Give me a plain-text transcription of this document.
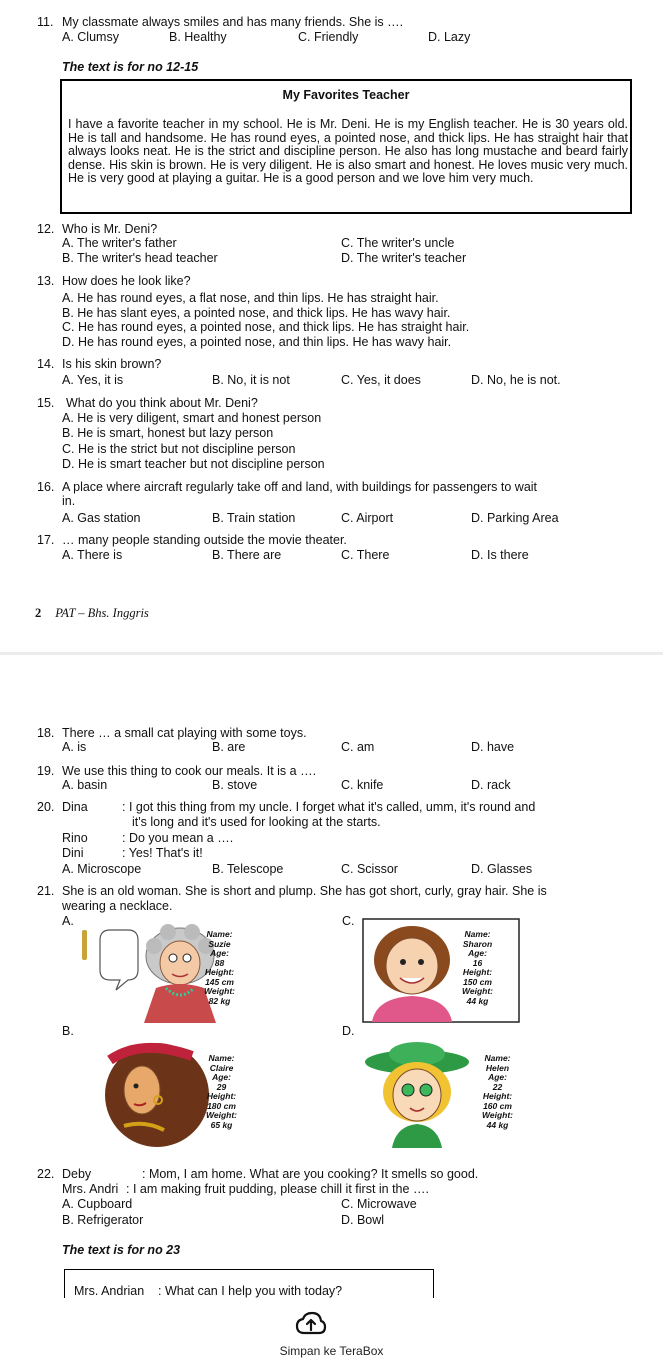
11. My classmate always smiles and has many friends. She is ….
A. Clumsy	B. Healthy	C. Friendly	D. Lazy
The text is for no 12-15
My Favorites Teacher
I have a favorite teacher in my school. He is Mr. Deni. He is my English teacher. He is 30 years old. He is tall and handsome. He has round eyes, a pointed nose, and thick lips. He has straight hair that always looks neat. He is the strict and discipline person. He also has long mustache and beard fairly dense. His skin is brown. He is very diligent. He is also smart and honest. He loves music very much. He is very good at playing a guitar. He is a good person and we love him very much.
12. Who is Mr. Deni?
A. The writer's father	C. The writer's uncle
B. The writer's head teacher	D. The writer's teacher
13. How does he look like?
A. He has round eyes, a flat nose, and thin lips. He has straight hair.
B. He has slant eyes, a pointed nose, and thick lips. He has wavy hair.
C. He has round eyes, a pointed nose, and thick lips. He has straight hair.
D. He has round eyes, a pointed nose, and thin lips. He has wavy hair.
14. Is his skin brown?
A. Yes, it is	B. No, it is not	C. Yes, it does	D. No, he is not.
15. What do you think about Mr. Deni?
A. He is very diligent, smart and honest person
B. He is smart, honest but lazy person
C. He is the strict but not discipline person
D. He is smart teacher but not discipline person
16. A place where aircraft regularly take off and land, with buildings for passengers to wait
in.
A. Gas station	B. Train station	C. Airport	D. Parking Area
17. … many people standing outside the movie theater.
A. There is	B. There are	C. There	D. Is there
2 PAT – Bhs. Inggris
18. There … a small cat playing with some toys.
A. is	B. are	C. am	D. have
19. We use this thing to cook our meals. It is a ….
A. basin	B. stove	C. knife	D. rack
20. Dina	: I got this thing from my uncle. I forget what it's called, umm, it's round and
it's long and it's used for looking at the starts.
Rino	: Do you mean a ….
Dini	: Yes! That's it!
A. Microscope	B. Telescope	C. Scissor	D. Glasses
21. She is an old woman. She is short and plump. She has got short, curly, gray hair. She is
wearing a necklace.
A.	C.
B.	D.
Name:
Suzie
Age:
88
Height:
145 cm
Weight:
82 kg
Name:
Sharon
Age:
16
Height:
150 cm
Weight:
44 kg
Name:
Claire
Age:
29
Height:
180 cm
Weight:
65 kg
Name:
Helen
Age:
22
Height:
160 cm
Weight:
44 kg
22. Deby	: Mom, I am home. What are you cooking? It smells so good.
Mrs. Andri : I am making fruit pudding, please chill it first in the ….
A. Cupboard	C. Microwave
B. Refrigerator	D. Bowl
The text is for no 23
Mrs. Andrian : What can I help you with today?
Simpan ke TeraBox
